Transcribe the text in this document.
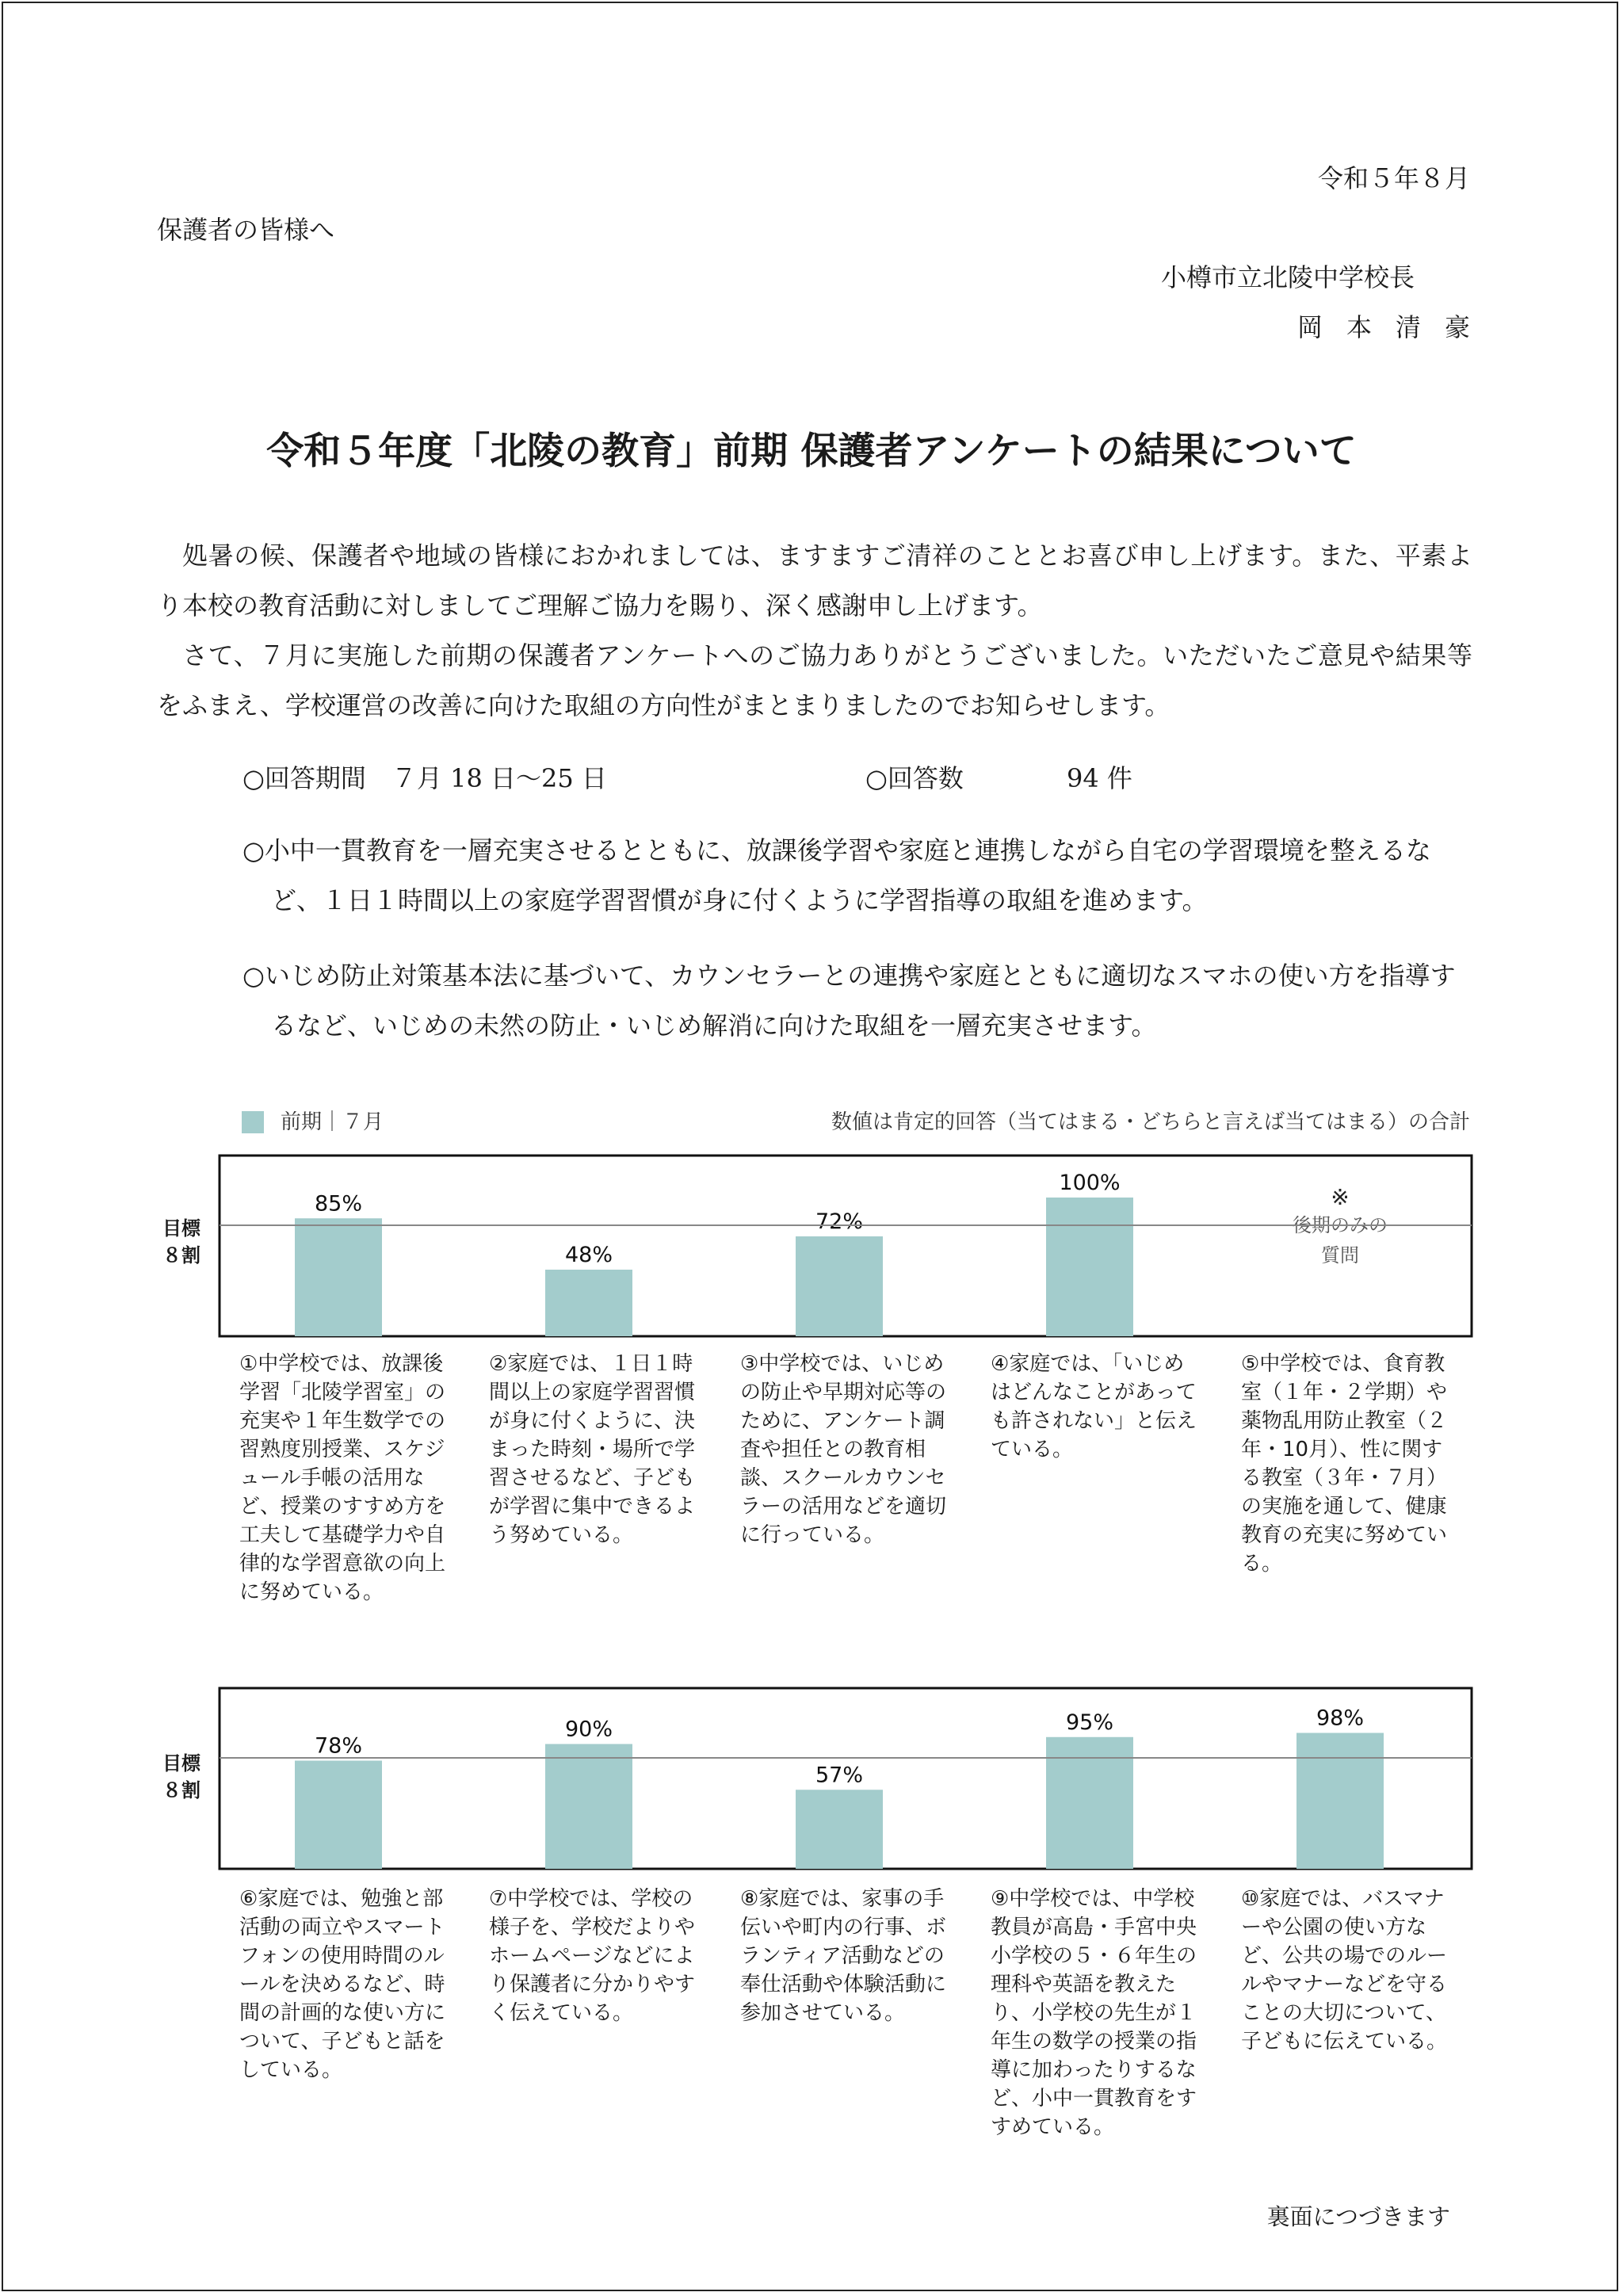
令和５年８月
保護者の皆様へ
小樽市立北陵中学校長
岡本清豪
令和５年度「北陵の教育」前期 保護者アンケートの結果について
処暑の候、保護者や地域の皆様におかれましては、ますますご清祥のこととお喜び申し上げます。また、平素より本校の教育活動に対しましてご理解ご協力を賜り、深く感謝申し上げます。
さて、７月に実施した前期の保護者アンケートへのご協力ありがとうございました。いただいたご意見や結果等をふまえ、学校運営の改善に向けた取組の方向性がまとまりましたのでお知らせします。
○回答期間　７月 18 日～25 日	○回答数	94 件
○小中一貫教育を一層充実させるとともに、放課後学習や家庭と連携しながら自宅の学習環境を整えるなど、１日１時間以上の家庭学習習慣が身に付くように学習指導の取組を進めます。
○いじめ防止対策基本法に基づいて、カウンセラーとの連携や家庭とともに適切なスマホの使い方を指導するなど、いじめの未然の防止・いじめ解消に向けた取組を一層充実させます。
前期｜７月	数値は肯定的回答（当てはまる・どちらと言えば当てはまる）の合計
目標 ８割
目標 ８割
85%
48%
72%
100%
※
後期のみの
質問
78%
90%
57%
95%	98%
①中学校では、放課後学習「北陵学習室」の充実や１年生数学での習熟度別授業、スケジュール手帳の活用など、授業のすすめ方を工夫して基礎学力や自律的な学習意欲の向上に努めている。
②家庭では、１日１時間以上の家庭学習習慣が身に付くように、決まった時刻・場所で学習させるなど、子どもが学習に集中できるよう努めている。
③中学校では、いじめの防止や早期対応等のために、アンケート調査や担任との教育相談、スクールカウンセラーの活用などを適切に行っている。
④家庭では、「いじめはどんなことがあっても許されない」と伝えている。
⑤中学校では、食育教室（１年・２学期）や薬物乱用防止教室（２年・10月）、性に関する教室（３年・７月）の実施を通して、健康教育の充実に努めている。
⑥家庭では、勉強と部活動の両立やスマートフォンの使用時間のルールを決めるなど、時間の計画的な使い方について、子どもと話をしている。
⑦中学校では、学校の様子を、学校だよりやホームページなどにより保護者に分かりやすく伝えている。
⑧家庭では、家事の手伝いや町内の行事、ボランティア活動などの奉仕活動や体験活動に参加させている。
⑨中学校では、中学校教員が高島・手宮中央小学校の５・６年生の理科や英語を教えたり、小学校の先生が１年生の数学の授業の指導に加わったりするなど、小中一貫教育をすすめている。
⑩家庭では、バスマナーや公園の使い方など、公共の場でのルールやマナーなどを守ることの大切について、子どもに伝えている。
裏面につづきます
